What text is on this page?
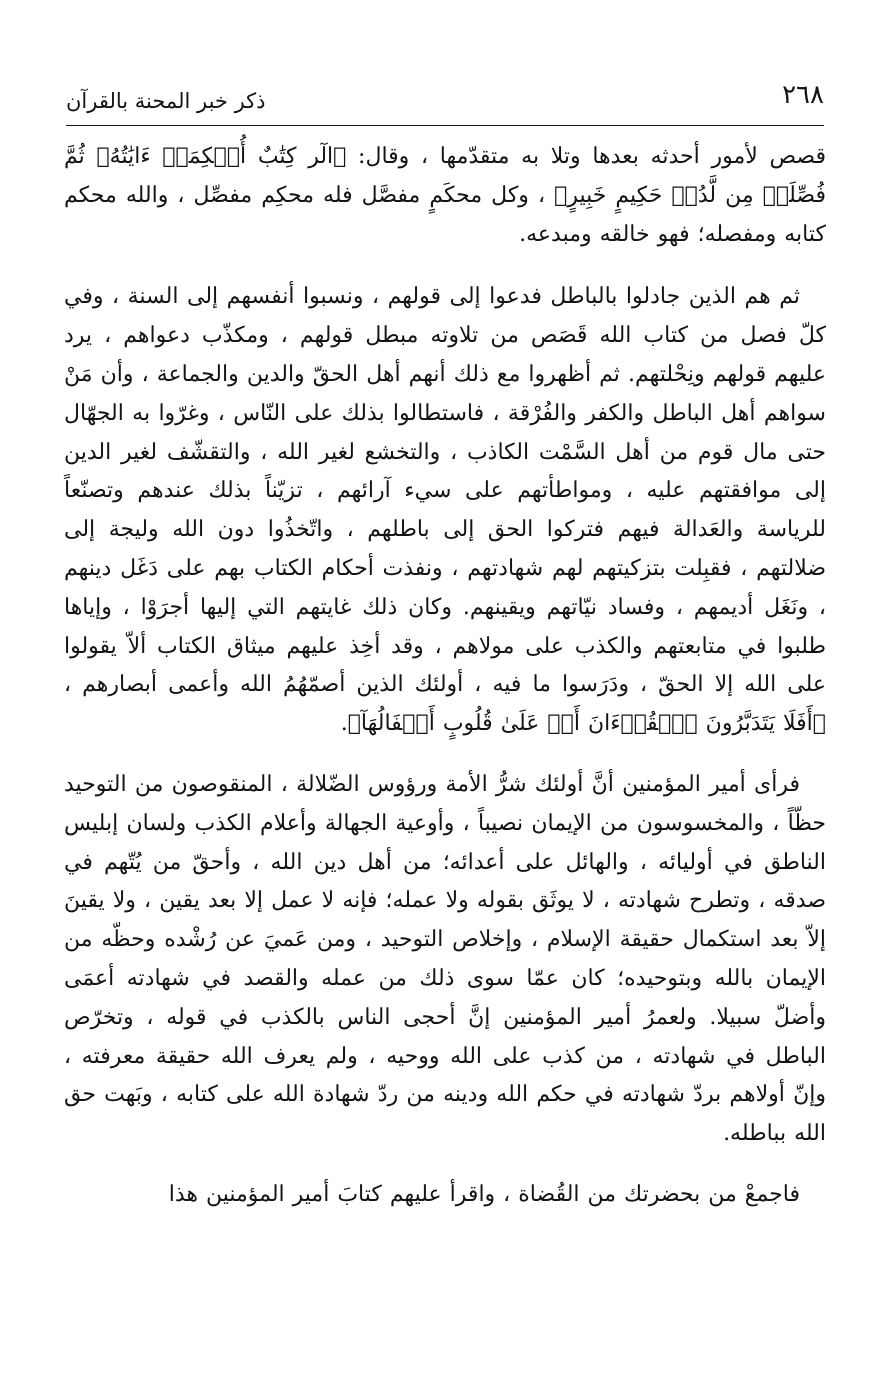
٢٦٨
ذكر خبر المحنة بالقرآن

قصص لأمور أحدثه بعدها وتلا به متقدّمها ، وقال: ﴿الٓر كِتَٰبٌ أُحۡكِمَتۡ ءَايَٰتُهُۥ ثُمَّ فُصِّلَتۡ مِن لَّدُنۡ حَكِيمٍ خَبِيرٍ﴾ ، وكل محكَمٍ مفصَّل فله محكِم مفصِّل ، والله محكم كتابه ومفصله؛ فهو خالقه ومبدعه.

ثم هم الذين جادلوا بالباطل فدعوا إلى قولهم ، ونسبوا أنفسهم إلى السنة ، وفي كلّ فصل من كتاب الله قَصَص من تلاوته مبطل قولهم ، ومكذّب دعواهم ، يرد عليهم قولهم ونِحْلتهم. ثم أظهروا مع ذلك أنهم أهل الحقّ والدين والجماعة ، وأن مَنْ سواهم أهل الباطل والكفر والفُرْقة ، فاستطالوا بذلك على النّاس ، وغرّوا به الجهّال حتى مال قوم من أهل السَّمْت الكاذب ، والتخشع لغير الله ، والتقشّف لغير الدين إلى موافقتهم عليه ، ومواطأتهم على سيء آرائهم ، تزيّناً بذلك عندهم وتصنّعاً للرياسة والعَدالة فيهم فتركوا الحق إلى باطلهم ، واتّخذُوا دون الله وليجة إلى ضلالتهم ، فقبِلت بتزكيتهم لهم شهادتهم ، ونفذت أحكام الكتاب بهم على دَغَل دينهم ، ونَغَل أديمهم ، وفساد نيّاتهم ويقينهم. وكان ذلك غايتهم التي إليها أجرَوْا ، وإياها طلبوا في متابعتهم والكذب على مولاهم ، وقد أخِذ عليهم ميثاق الكتاب ألاّ يقولوا على الله إلا الحقّ ، ودَرَسوا ما فيه ، أولئك الذين أصمّهُمُ الله وأعمى أبصارهم ، ﴿أَفَلَا يَتَدَبَّرُونَ ٱلۡقُرۡءَانَ أَمۡ عَلَىٰ قُلُوبٍ أَقۡفَالُهَآ﴾.

فرأى أمير المؤمنين أنَّ أولئك شرُّ الأمة ورؤوس الضّلالة ، المنقوصون من التوحيد حظّاً ، والمخسوسون من الإيمان نصيباً ، وأوعية الجهالة وأعلام الكذب ولسان إبليس الناطق في أوليائه ، والهائل على أعدائه؛ من أهل دين الله ، وأحقّ من يُتّهم في صدقه ، وتطرح شهادته ، لا يوثَق بقوله ولا عمله؛ فإنه لا عمل إلا بعد يقين ، ولا يقينَ إلاّ بعد استكمال حقيقة الإسلام ، وإخلاص التوحيد ، ومن عَميَ عن رُشْده وحظّه من الإيمان بالله وبتوحيده؛ كان عمّا سوى ذلك من عمله والقصد في شهادته أعمَى وأضلّ سبيلا. ولعمرُ أمير المؤمنين إنَّ أحجى الناس بالكذب في قوله ، وتخرّص الباطل في شهادته ، من كذب على الله ووحيه ، ولم يعرف الله حقيقة معرفته ، وإنّ أولاهم بردّ شهادته في حكم الله ودينه من ردّ شهادة الله على كتابه ، وبَهت حق الله بباطله.

فاجمعْ من بحضرتك من القُضاة ، واقرأ عليهم كتابَ أمير المؤمنين هذا
